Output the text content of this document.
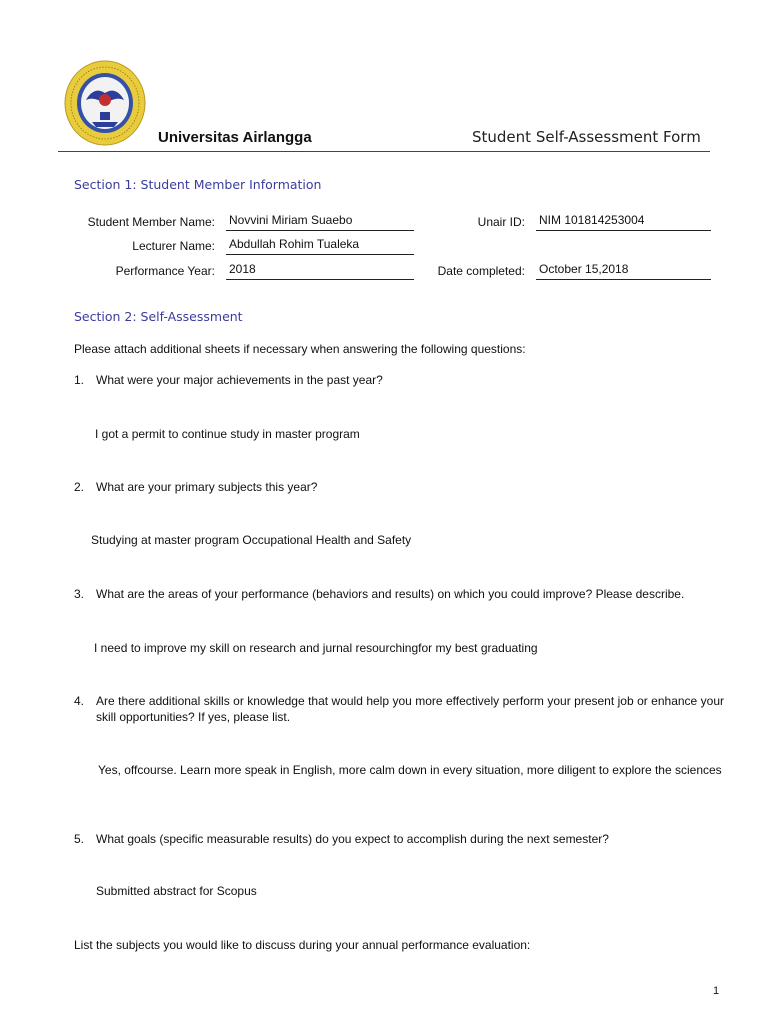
Universitas Airlangga	Student Self-Assessment Form
Section 1: Student Member Information
Student Member Name: Novvini Miriam Suaebo
Lecturer Name: Abdullah Rohim Tualeka
Performance Year: 2018
Unair ID: NIM 101814253004
Date completed: October 15,2018
Section 2: Self-Assessment
Please attach additional sheets if necessary when answering the following questions:
1. What were your major achievements in the past year?
I got a permit to continue study in master program
2. What are your primary subjects this year?
Studying at master program Occupational Health and Safety
3. What are the areas of your performance (behaviors and results) on which you could improve? Please describe.
I need to improve my skill on research and jurnal resourchingfor my best graduating
4. Are there additional skills or knowledge that would help you more effectively perform your present job or enhance your skill opportunities? If yes, please list.
Yes, offcourse. Learn more speak in English, more calm down in every situation, more diligent to explore the sciences
5. What goals (specific measurable results) do you expect to accomplish during the next semester?
Submitted abstract for Scopus
List the subjects you would like to discuss during your annual performance evaluation:
1
